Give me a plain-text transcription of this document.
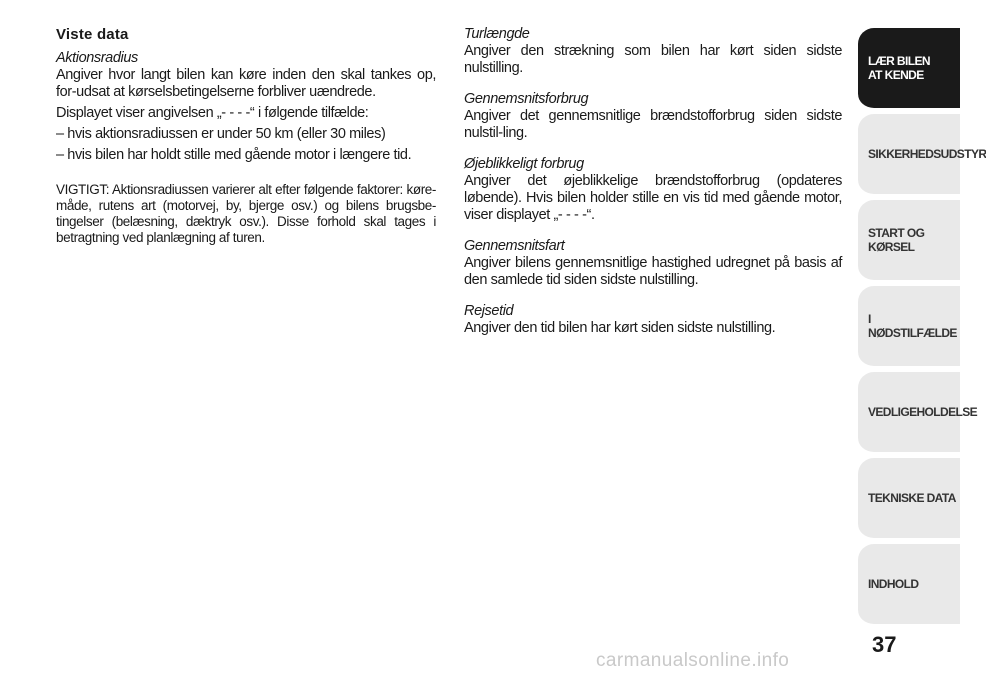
Viste data
Aktionsradius

Angiver hvor langt bilen kan køre inden den skal tankes op, for-udsat at kørselsbetingelserne forbliver uændrede.

Displayet viser angivelsen „- - - -“ i følgende tilfælde:

– hvis aktionsradiussen er under 50 km (eller 30 miles)

– hvis bilen har holdt stille med gående motor i længere tid.

VIGTIGT: Aktionsradiussen varierer alt efter følgende faktorer: køre-måde, rutens art (motorvej, by, bjerge osv.) og bilens brugsbe-tingelser (belæsning, dæktryk osv.). Disse forhold skal tages i betragtning ved planlægning af turen.

Turlængde

Angiver den strækning som bilen har kørt siden sidste nulstilling.

Gennemsnitsforbrug

Angiver det gennemsnitlige brændstofforbrug siden sidste nulstil-ling.

Øjeblikkeligt forbrug

Angiver det øjeblikkelige brændstofforbrug (opdateres løbende). Hvis bilen holder stille en vis tid med gående motor, viser displayet „- - - -“.

Gennemsnitsfart

Angiver bilens gennemsnitlige hastighed udregnet på basis af den samlede tid siden sidste nulstilling.

Rejsetid

Angiver den tid bilen har kørt siden sidste nulstilling.

LÆR BILEN
AT KENDE
SIKKERHEDSUDSTYR
START OG KØRSEL
I NØDSTILFÆLDE
VEDLIGEHOLDELSE
TEKNISKE DATA
INDHOLD
37
carmanualsonline.info
